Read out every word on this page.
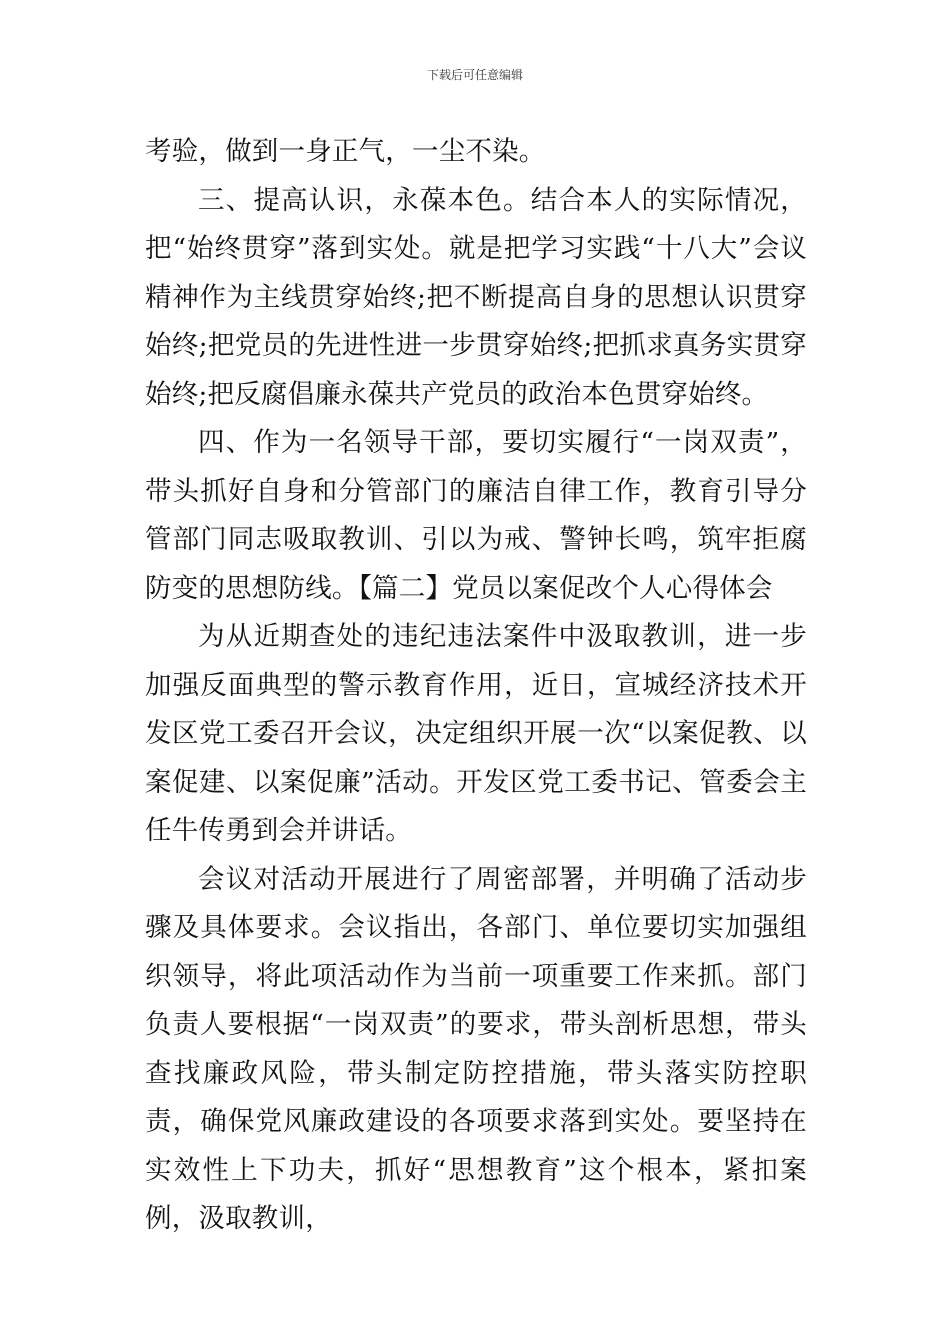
下载后可任意编辑

考验，做到一身正气，一尘不染。

三、提高认识，永葆本色。结合本人的实际情况，把“始终贯穿”落到实处。就是把学习实践“十八大”会议精神作为主线贯穿始终;把不断提高自身的思想认识贯穿始终;把党员的先进性进一步贯穿始终;把抓求真务实贯穿始终;把反腐倡廉永葆共产党员的政治本色贯穿始终。

四、作为一名领导干部，要切实履行“一岗双责”，带头抓好自身和分管部门的廉洁自律工作，教育引导分管部门同志吸取教训、引以为戒、警钟长鸣，筑牢拒腐防变的思想防线。【篇二】党员以案促改个人心得体会

为从近期查处的违纪违法案件中汲取教训，进一步加强反面典型的警示教育作用，近日，宣城经济技术开发区党工委召开会议，决定组织开展一次“以案促教、以案促建、以案促廉”活动。开发区党工委书记、管委会主任牛传勇到会并讲话。

会议对活动开展进行了周密部署，并明确了活动步骤及具体要求。会议指出，各部门、单位要切实加强组织领导，将此项活动作为当前一项重要工作来抓。部门负责人要根据“一岗双责”的要求，带头剖析思想，带头查找廉政风险，带头制定防控措施，带头落实防控职责，确保党风廉政建设的各项要求落到实处。要坚持在实效性上下功夫，抓好“思想教育”这个根本，紧扣案例，汲取教训，
